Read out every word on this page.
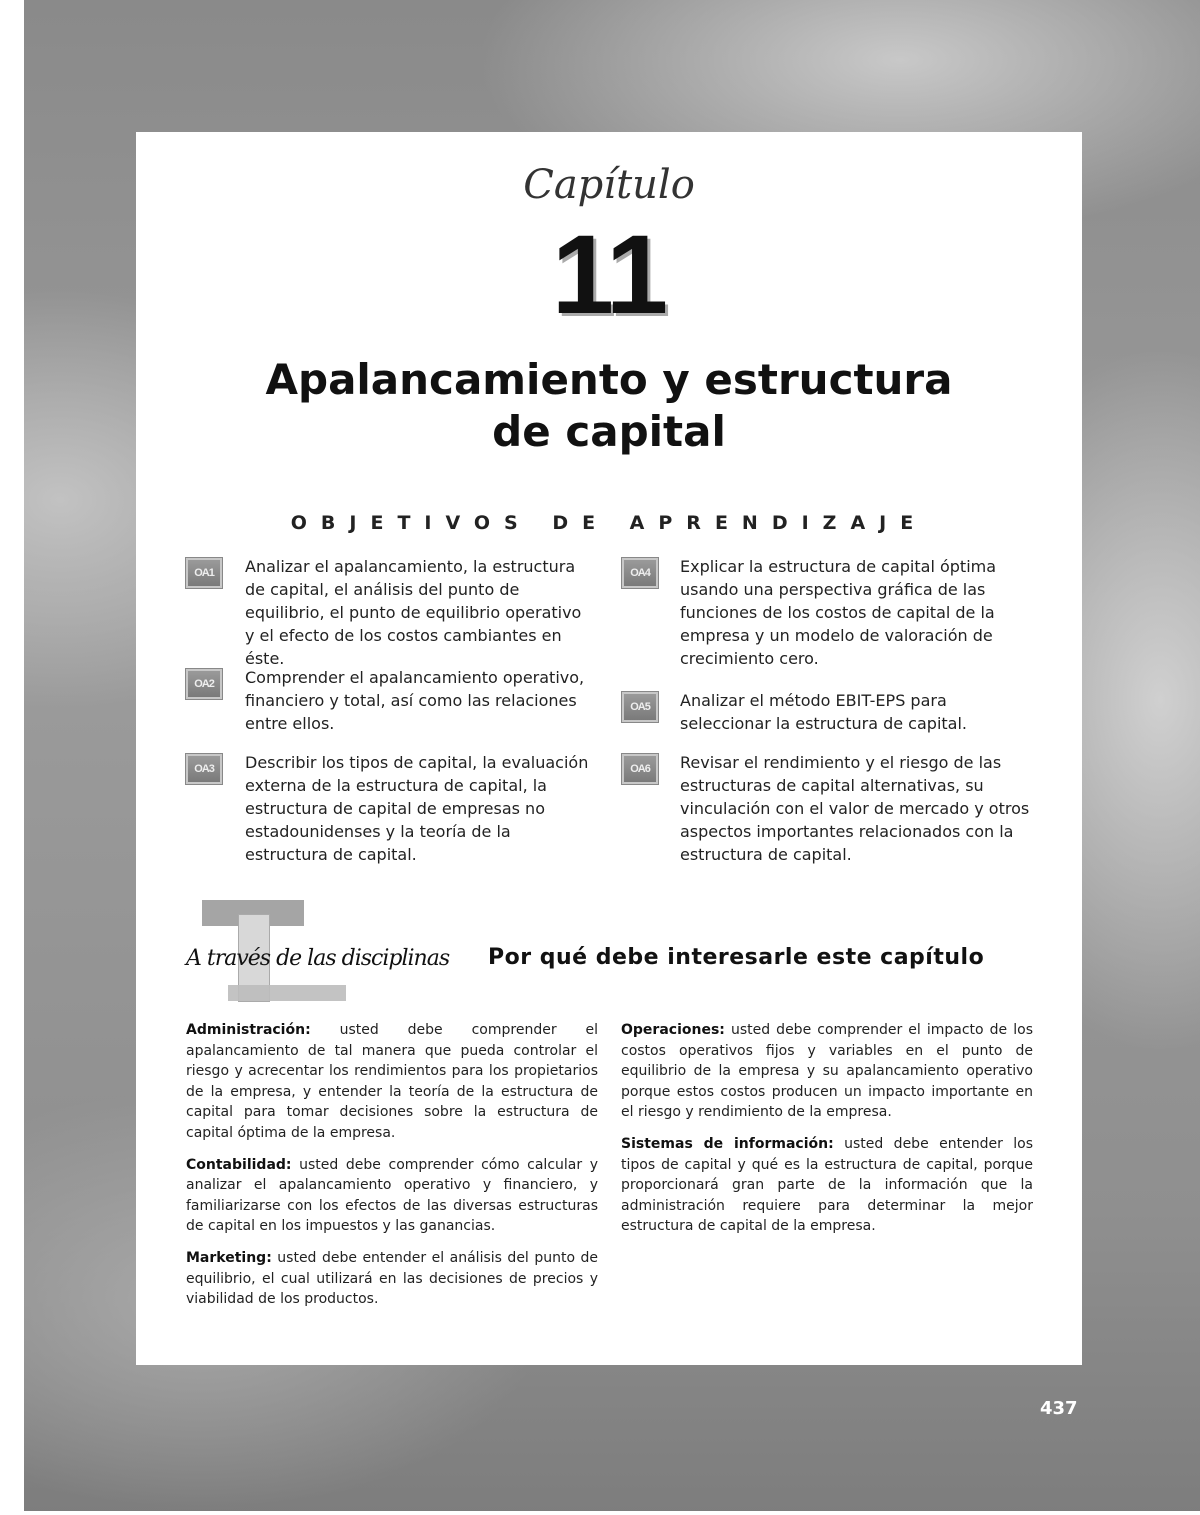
Capítulo
11
Apalancamiento y estructura
de capital
OBJETIVOS DE APRENDIZAJE
OA1	Analizar el apalancamiento, la estructura de capital, el análisis del punto de equilibrio, el punto de equilibrio operativo y el efecto de los costos cambiantes en éste.
OA2	Comprender el apalancamiento operativo, financiero y total, así como las relaciones entre ellos.
OA3	Describir los tipos de capital, la evaluación externa de la estructura de capital, la estructura de capital de empresas no estadounidenses y la teoría de la estructura de capital.
OA4	Explicar la estructura de capital óptima usando una perspectiva gráfica de las funciones de los costos de capital de la empresa y un modelo de valoración de crecimiento cero.
OA5	Analizar el método EBIT-EPS para seleccionar la estructura de capital.
OA6	Revisar el rendimiento y el riesgo de las estructuras de capital alternativas, su vinculación con el valor de mercado y otros aspectos importantes relacionados con la estructura de capital.
A través de las disciplinas Por qué debe interesarle este capítulo

Administración: usted debe comprender el apalancamiento de tal manera que pueda controlar el riesgo y acrecentar los rendimientos para los propietarios de la empresa, y entender la teoría de la estructura de capital para tomar decisiones sobre la estructura de capital óptima de la empresa.

Contabilidad: usted debe comprender cómo calcular y analizar el apalancamiento operativo y financiero, y familiarizarse con los efectos de las diversas estructuras de capital en los impuestos y las ganancias.

Marketing: usted debe entender el análisis del punto de equilibrio, el cual utilizará en las decisiones de precios y viabilidad de los productos.

Operaciones: usted debe comprender el impacto de los costos operativos fijos y variables en el punto de equilibrio de la empresa y su apalancamiento operativo porque estos costos producen un impacto importante en el riesgo y rendimiento de la empresa.

Sistemas de información: usted debe entender los tipos de capital y qué es la estructura de capital, porque proporcionará gran parte de la información que la administración requiere para determinar la mejor estructura de capital de la empresa.

437
